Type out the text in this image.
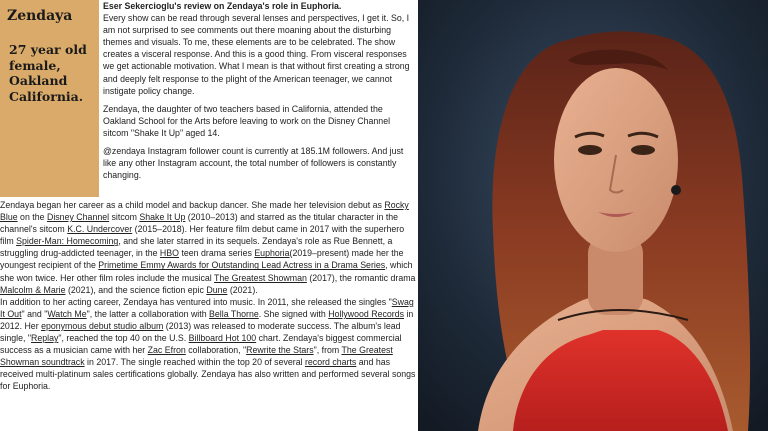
Zendaya
27 year old female, Oakland California.

Eser Sekercioglu's review on Zendaya's role in Euphoria.

Every show can be read through several lenses and perspectives, I get it. So, I am not surprised to see comments out there moaning about the disturbing themes and visuals. To me, these elements are to be celebrated. The show creates a visceral response. And this is a good thing. From visceral responses we get actionable motivation. What I mean is that without first creating a strong and deeply felt response to the plight of the American teenager, we cannot instigate policy change.

Zendaya, the daughter of two teachers based in California, attended the Oakland School for the Arts before leaving to work on the Disney Channel sitcom "Shake It Up" aged 14.

@zendaya Instagram follower count is currently at 185.1M followers. And just like any other Instagram account, the total number of followers is constantly changing.

Zendaya began her career as a child model and backup dancer. She made her television debut as Rocky Blue on the Disney Channel sitcom Shake It Up (2010–2013) and starred as the titular character in the channel's sitcom K.C. Undercover (2015–2018). Her feature film debut came in 2017 with the superhero film Spider-Man: Homecoming, and she later starred in its sequels. Zendaya's role as Rue Bennett, a struggling drug-addicted teenager, in the HBO teen drama series Euphoria(2019–present) made her the youngest recipient of the Primetime Emmy Awards for Outstanding Lead Actress in a Drama Series, which she won twice. Her other film roles include the musical The Greatest Showman (2017), the romantic drama Malcolm & Marie (2021), and the science fiction epic Dune (2021).

In addition to her acting career, Zendaya has ventured into music. In 2011, she released the singles "Swag It Out" and "Watch Me", the latter a collaboration with Bella Thorne. She signed with Hollywood Records in 2012. Her eponymous debut studio album (2013) was released to moderate success. The album's lead single, "Replay", reached the top 40 on the U.S. Billboard Hot 100 chart. Zendaya's biggest commercial success as a musician came with her Zac Efron collaboration, "Rewrite the Stars", from The Greatest Showman soundtrack in 2017. The single reached within the top 20 of several record charts and has received multi-platinum sales certifications globally. Zendaya has also written and performed several songs for Euphoria.
